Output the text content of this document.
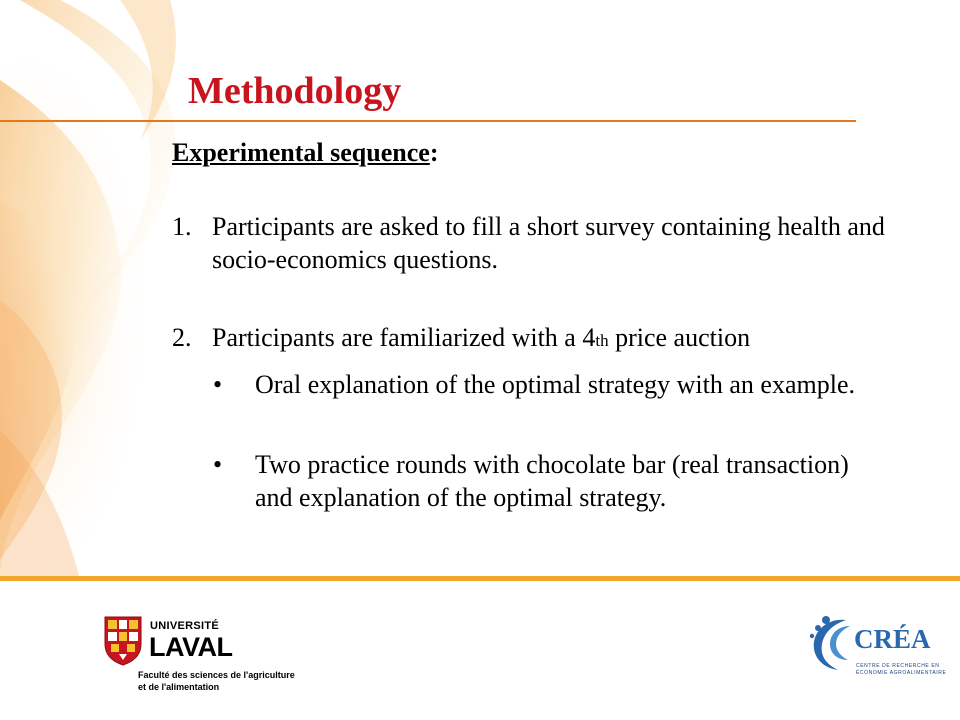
Methodology
Experimental sequence:
1. Participants are asked to fill a short survey containing health and socio-economics questions.
2. Participants are familiarized with a 4th price auction
• Oral explanation of the optimal strategy with an example.
• Two practice rounds with chocolate bar (real transaction) and explanation of the optimal strategy.
UNIVERSITÉ
LAVAL
Faculté des sciences de l'agriculture
et de l'alimentation
CRÉA
CENTRE DE RECHERCHE EN
ÉCONOMIE AGROALIMENTAIRE
